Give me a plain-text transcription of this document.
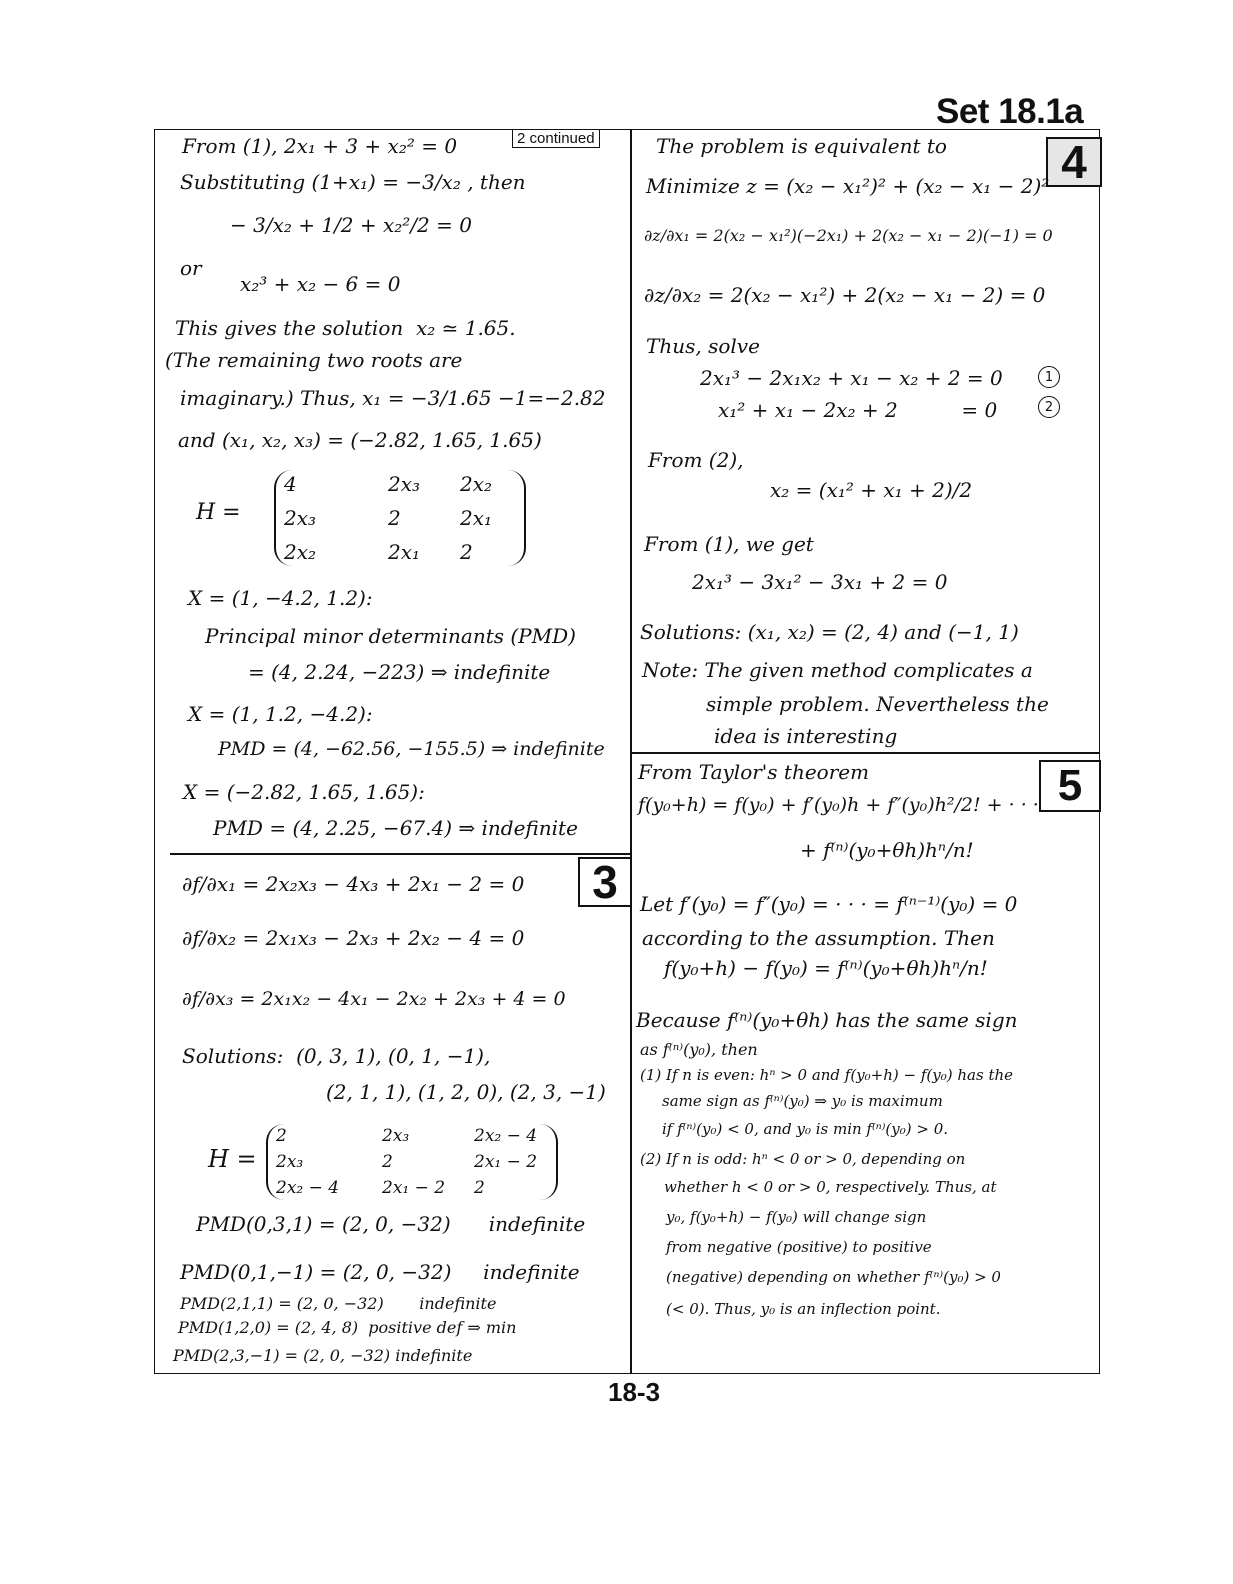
Set 18.1a
2 continued	4
5
3
From (1), 2x₁ + 3 + x₂² = 0
Substituting (1+x₁) = −3/x₂ , then
− 3/x₂ + 1/2 + x₂²/2 = 0
or
x₂³ + x₂ − 6 = 0
This gives the solution  x₂ ≃ 1.65.
(The remaining two roots are
imaginary.) Thus, x₁ = −3/1.65 −1=−2.82
and (x₁, x₂, x₃) = (−2.82, 1.65, 1.65)
H =
4	2x₃	2x₂
2x₃	2	2x₁
2x₂	2x₁	2
X = (1, −4.2, 1.2):
Principal minor determinants (PMD)
= (4, 2.24, −223) ⇒ indefinite
X = (1, 1.2, −4.2):
PMD = (4, −62.56, −155.5) ⇒ indefinite
X = (−2.82, 1.65, 1.65):
PMD = (4, 2.25, −67.4) ⇒ indefinite
∂f/∂x₁ = 2x₂x₃ − 4x₃ + 2x₁ − 2 = 0
∂f/∂x₂ = 2x₁x₃ − 2x₃ + 2x₂ − 4 = 0
∂f/∂x₃ = 2x₁x₂ − 4x₁ − 2x₂ + 2x₃ + 4 = 0
Solutions:  (0, 3, 1), (0, 1, −1),
(2, 1, 1), (1, 2, 0), (2, 3, −1)
H =
2	2x₃	2x₂ − 4
2x₃	2	2x₁ − 2
2x₂ − 4	2x₁ − 2	2
PMD(0,3,1) = (2, 0, −32)      indefinite
PMD(0,1,−1) = (2, 0, −32)     indefinite
PMD(2,1,1) = (2, 0, −32)       indefinite
PMD(1,2,0) = (2, 4, 8)  positive def ⇒ min
PMD(2,3,−1) = (2, 0, −32) indefinite
The problem is equivalent to
Minimize z = (x₂ − x₁²)² + (x₂ − x₁ − 2)²
∂z/∂x₁ = 2(x₂ − x₁²)(−2x₁) + 2(x₂ − x₁ − 2)(−1) = 0
∂z/∂x₂ = 2(x₂ − x₁²) + 2(x₂ − x₁ − 2) = 0
Thus, solve
2x₁³ − 2x₁x₂ + x₁ − x₂ + 2 = 0
x₁² + x₁ − 2x₂ + 2          = 0
1
2
From (2),
x₂ = (x₁² + x₁ + 2)/2
From (1), we get
2x₁³ − 3x₁² − 3x₁ + 2 = 0
Solutions: (x₁, x₂) = (2, 4) and (−1, 1)
Note: The given method complicates a
simple problem. Nevertheless the
idea is interesting
From Taylor's theorem
f(y₀+h) = f(y₀) + f′(y₀)h + f″(y₀)h²/2! + · · ·
+ f⁽ⁿ⁾(y₀+θh)hⁿ/n!
Let f′(y₀) = f″(y₀) = · · · = f⁽ⁿ⁻¹⁾(y₀) = 0
according to the assumption. Then
f(y₀+h) − f(y₀) = f⁽ⁿ⁾(y₀+θh)hⁿ/n!
Because f⁽ⁿ⁾(y₀+θh) has the same sign
as f⁽ⁿ⁾(y₀), then
(1) If n is even: hⁿ > 0 and f(y₀+h) − f(y₀) has the
same sign as f⁽ⁿ⁾(y₀) ⇒ y₀ is maximum
if f⁽ⁿ⁾(y₀) < 0, and y₀ is min f⁽ⁿ⁾(y₀) > 0.
(2) If n is odd: hⁿ < 0 or > 0, depending on
whether h < 0 or > 0, respectively. Thus, at
y₀, f(y₀+h) − f(y₀) will change sign
from negative (positive) to positive
(negative) depending on whether f⁽ⁿ⁾(y₀) > 0
(< 0). Thus, y₀ is an inflection point.
18-3
